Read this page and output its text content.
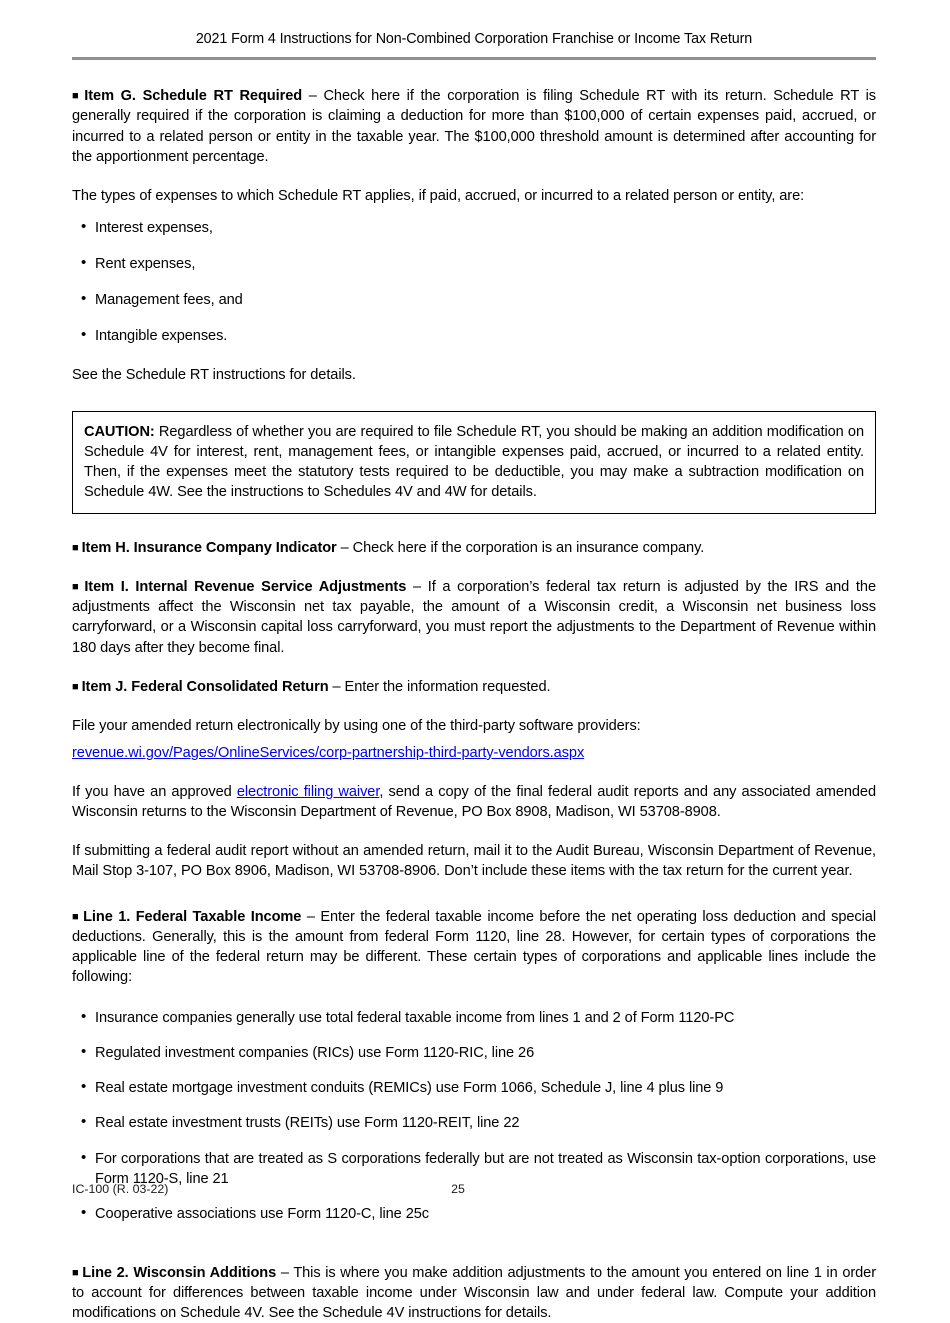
2021 Form 4 Instructions for Non-Combined Corporation Franchise or Income Tax Return

■ Item G. Schedule RT Required – Check here if the corporation is filing Schedule RT with its return. Schedule RT is generally required if the corporation is claiming a deduction for more than $100,000 of certain expenses paid, accrued, or incurred to a related person or entity in the taxable year. The $100,000 threshold amount is determined after accounting for the apportionment percentage.

The types of expenses to which Schedule RT applies, if paid, accrued, or incurred to a related person or entity, are:

• Interest expenses,
• Rent expenses,
• Management fees, and
• Intangible expenses.

See the Schedule RT instructions for details.

CAUTION: Regardless of whether you are required to file Schedule RT, you should be making an addition modification on Schedule 4V for interest, rent, management fees, or intangible expenses paid, accrued, or incurred to a related entity. Then, if the expenses meet the statutory tests required to be deductible, you may make a subtraction modification on Schedule 4W. See the instructions to Schedules 4V and 4W for details.

■ Item H. Insurance Company Indicator – Check here if the corporation is an insurance company.

■ Item I. Internal Revenue Service Adjustments – If a corporation’s federal tax return is adjusted by the IRS and the adjustments affect the Wisconsin net tax payable, the amount of a Wisconsin credit, a Wisconsin net business loss carryforward, or a Wisconsin capital loss carryforward, you must report the adjustments to the Department of Revenue within 180 days after they become final.

■ Item J. Federal Consolidated Return – Enter the information requested.

File your amended return electronically by using one of the third-party software providers:

revenue.wi.gov/Pages/OnlineServices/corp-partnership-third-party-vendors.aspx

If you have an approved electronic filing waiver, send a copy of the final federal audit reports and any associated amended Wisconsin returns to the Wisconsin Department of Revenue, PO Box 8908, Madison, WI 53708-8908.

If submitting a federal audit report without an amended return, mail it to the Audit Bureau, Wisconsin Department of Revenue, Mail Stop 3-107, PO Box 8906, Madison, WI 53708-8906. Don’t include these items with the tax return for the current year.

■ Line 1. Federal Taxable Income – Enter the federal taxable income before the net operating loss deduction and special deductions. Generally, this is the amount from federal Form 1120, line 28. However, for certain types of corporations the applicable line of the federal return may be different. These certain types of corporations and applicable lines include the following:

• Insurance companies generally use total federal taxable income from lines 1 and 2 of Form 1120-PC
• Regulated investment companies (RICs) use Form 1120-RIC, line 26
• Real estate mortgage investment conduits (REMICs) use Form 1066, Schedule J, line 4 plus line 9
• Real estate investment trusts (REITs) use Form 1120-REIT, line 22
• For corporations that are treated as S corporations federally but are not treated as Wisconsin tax-option corporations, use Form 1120-S, line 21
• Cooperative associations use Form 1120-C, line 25c

■ Line 2. Wisconsin Additions – This is where you make addition adjustments to the amount you entered on line 1 in order to account for differences between taxable income under Wisconsin law and under federal law. Compute your addition modifications on Schedule 4V. See the Schedule 4V instructions for details.

IC-100 (R. 03-22)	25
